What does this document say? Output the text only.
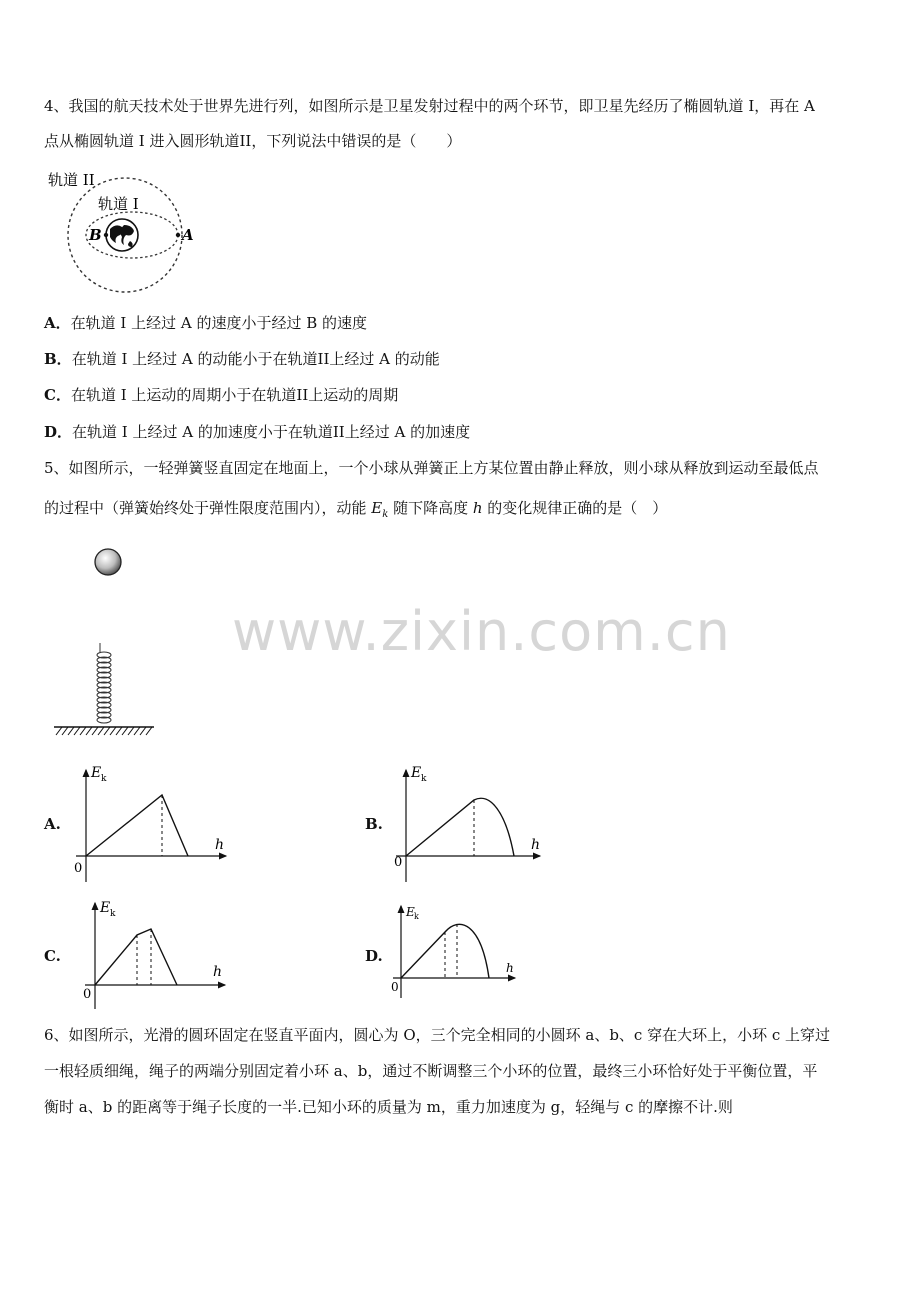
www.zixin.com.cn
4、我国的航天技术处于世界先进行列，如图所示是卫星发射过程中的两个环节，即卫星先经历了椭圆轨道 I，再在 A
点从椭圆轨道 I 进入圆形轨道II，下列说法中错误的是（　　）
轨道 II
轨道 I
B	A
A．在轨道 I 上经过 A 的速度小于经过 B 的速度
B．在轨道 I 上经过 A 的动能小于在轨道II上经过 A 的动能
C．在轨道 I 上运动的周期小于在轨道II上运动的周期
D．在轨道 I 上经过 A 的加速度小于在轨道II上经过 A 的加速度
5、如图所示，一轻弹簧竖直固定在地面上，一个小球从弹簧正上方某位置由静止释放，则小球从释放到运动至最低点
的过程中（弹簧始终处于弹性限度范围内），动能 $E_k$ 随下降高度 h 的变化规律正确的是（　）
A.	B.
C.	D.
E k
h
0
E k
h
0
E k
h
0
E k
h
0
6、如图所示，光滑的圆环固定在竖直平面内，圆心为 O，三个完全相同的小圆环 a、b、c 穿在大环上，小环 c 上穿过
一根轻质细绳，绳子的两端分别固定着小环 a、b，通过不断调整三个小环的位置，最终三小环恰好处于平衡位置，平
衡时 a、b 的距离等于绳子长度的一半.已知小环的质量为 m，重力加速度为 g，轻绳与 c 的摩擦不计.则
